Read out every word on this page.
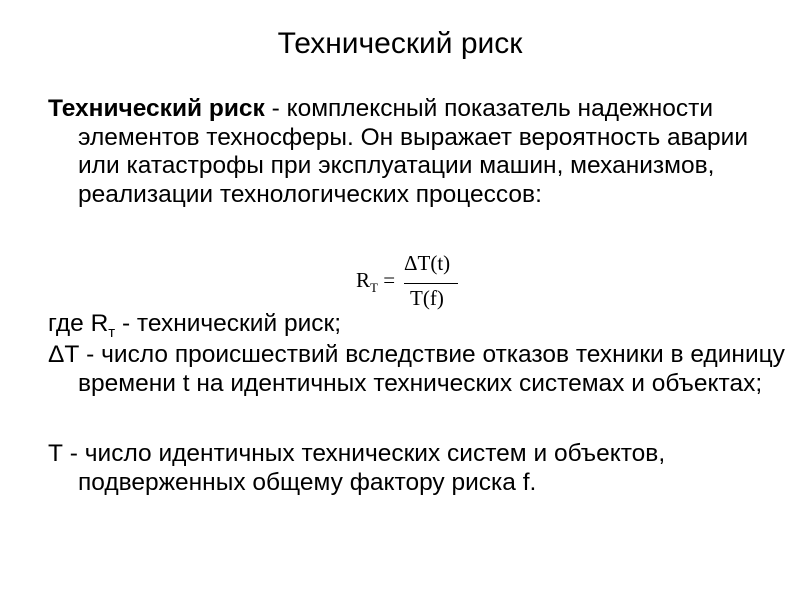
Технический риск
Технический риск - комплексный показатель надежности элементов техносферы. Он выражает вероятность аварии или катастрофы при эксплуатации машин, механизмов, реализации технологических процессов:
$R_T$ =
ΔT(t)
T(f)
где $R_т$ - технический риск;
ΔТ - число происшествий вследствие отказов техники в единицу времени t на идентичных технических системах и объектах;
Т - число идентичных технических систем и объектов, подверженных общему фактору риска f.
